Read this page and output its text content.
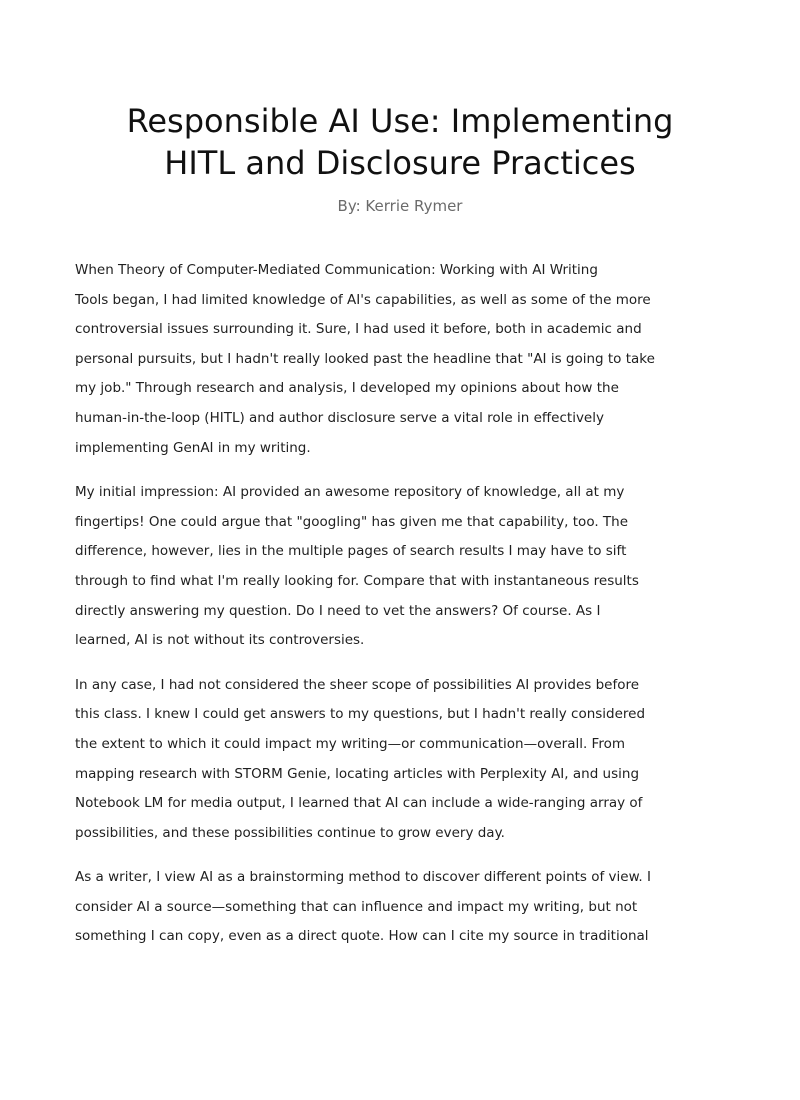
Responsible AI Use: Implementing
HITL and Disclosure Practices
By: Kerrie Rymer

When Theory of Computer-Mediated Communication: Working with AI Writing
Tools began, I had limited knowledge of AI's capabilities, as well as some of the more
controversial issues surrounding it. Sure, I had used it before, both in academic and
personal pursuits, but I hadn't really looked past the headline that "AI is going to take
my job." Through research and analysis, I developed my opinions about how the
human-in-the-loop (HITL) and author disclosure serve a vital role in effectively
implementing GenAI in my writing.

My initial impression: AI provided an awesome repository of knowledge, all at my
fingertips! One could argue that "googling" has given me that capability, too. The
difference, however, lies in the multiple pages of search results I may have to sift
through to find what I'm really looking for. Compare that with instantaneous results
directly answering my question. Do I need to vet the answers? Of course. As I
learned, AI is not without its controversies.

In any case, I had not considered the sheer scope of possibilities AI provides before
this class. I knew I could get answers to my questions, but I hadn't really considered
the extent to which it could impact my writing—or communication—overall. From
mapping research with STORM Genie, locating articles with Perplexity AI, and using
Notebook LM for media output, I learned that AI can include a wide-ranging array of
possibilities, and these possibilities continue to grow every day.

As a writer, I view AI as a brainstorming method to discover different points of view. I
consider AI a source—something that can influence and impact my writing, but not
something I can copy, even as a direct quote. How can I cite my source in traditional
